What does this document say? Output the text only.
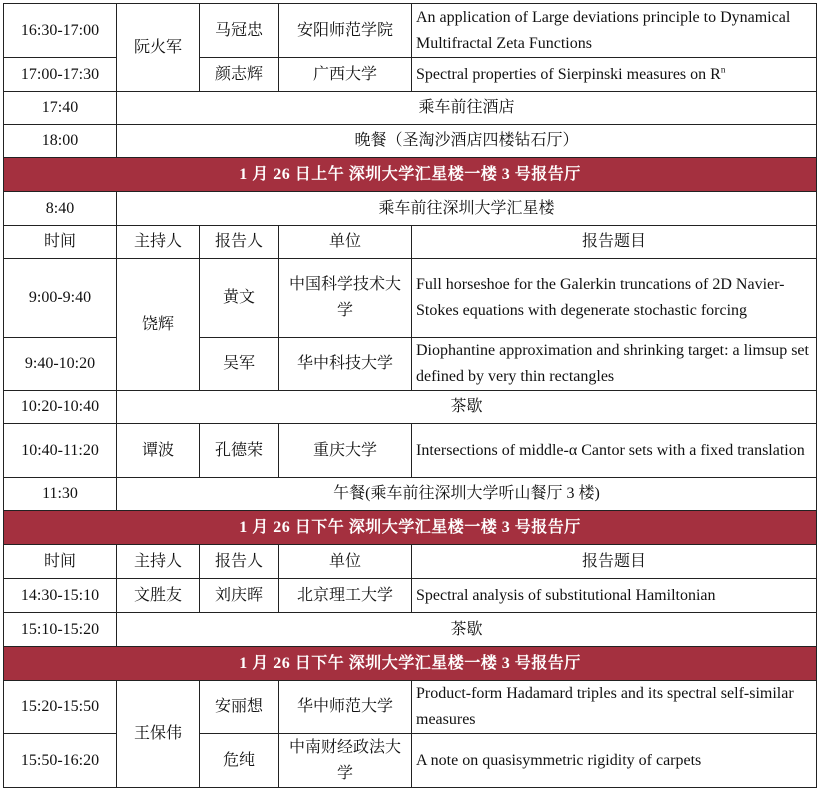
16:30-17:00	阮火军	马冠忠	安阳师范学院	An application of Large deviations principle to Dynamical Multifractal Zeta Functions
17:00-17:30		颜志辉	广西大学	Spectral properties of Sierpinski measures on $R^n$
17:40	乘车前往酒店			
18:00	晚餐（圣淘沙酒店四楼钻石厅）			
1 月 26 日上午 深圳大学汇星楼一楼 3 号报告厅				
8:40	乘车前往深圳大学汇星楼			
时间	主持人	报告人	单位	报告题目
9:00-9:40	饶辉	黄文	中国科学技术大学	Full horseshoe for the Galerkin truncations of 2D Navier-Stokes equations with degenerate stochastic forcing
9:40-10:20		吴军	华中科技大学	Diophantine approximation and shrinking target: a limsup set defined by very thin rectangles
10:20-10:40	茶歇			
10:40-11:20	谭波	孔德荣	重庆大学	Intersections of middle-α Cantor sets with a fixed translation
11:30	午餐(乘车前往深圳大学听山餐厅 3 楼)			
1 月 26 日下午 深圳大学汇星楼一楼 3 号报告厅				
时间	主持人	报告人	单位	报告题目
14:30-15:10	文胜友	刘庆晖	北京理工大学	Spectral analysis of substitutional Hamiltonian
15:10-15:20	茶歇			
1 月 26 日下午 深圳大学汇星楼一楼 3 号报告厅				
15:20-15:50	王保伟	安丽想	华中师范大学	Product-form Hadamard triples and its spectral self-similar measures
15:50-16:20		危纯	中南财经政法大学	A note on quasisymmetric rigidity of carpets
